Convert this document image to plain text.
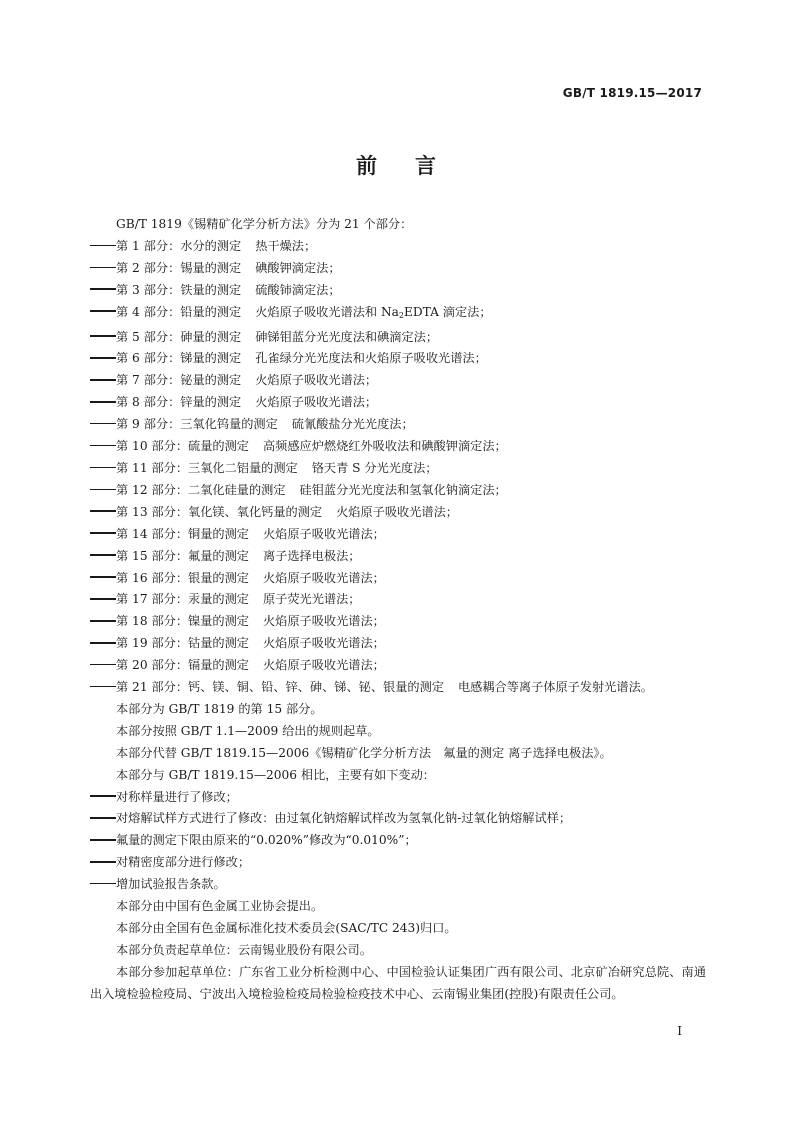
GB/T 1819.15—2017
前 言
GB/T 1819《锡精矿化学分析方法》分为 21 个部分：
第 1 部分：水分的测定 热干燥法；
第 2 部分：锡量的测定 碘酸钾滴定法；
第 3 部分：铁量的测定 硫酸铈滴定法；
第 4 部分：铅量的测定 火焰原子吸收光谱法和 $Na_2EDTA$ 滴定法；
第 5 部分：砷量的测定 砷锑钼蓝分光光度法和碘滴定法；
第 6 部分：锑量的测定 孔雀绿分光光度法和火焰原子吸收光谱法；
第 7 部分：铋量的测定 火焰原子吸收光谱法；
第 8 部分：锌量的测定 火焰原子吸收光谱法；
第 9 部分：三氧化钨量的测定 硫氰酸盐分光光度法；
第 10 部分：硫量的测定 高频感应炉燃烧红外吸收法和碘酸钾滴定法；
第 11 部分：三氧化二铝量的测定 铬天青 S 分光光度法；
第 12 部分：二氧化硅量的测定 硅钼蓝分光光度法和氢氧化钠滴定法；
第 13 部分：氧化镁、氧化钙量的测定 火焰原子吸收光谱法；
第 14 部分：铜量的测定 火焰原子吸收光谱法；
第 15 部分：氟量的测定 离子选择电极法；
第 16 部分：银量的测定 火焰原子吸收光谱法；
第 17 部分：汞量的测定 原子荧光光谱法；
第 18 部分：镍量的测定 火焰原子吸收光谱法；
第 19 部分：钴量的测定 火焰原子吸收光谱法；
第 20 部分：镉量的测定 火焰原子吸收光谱法；
第 21 部分：钙、镁、铜、铅、锌、砷、锑、铋、银量的测定 电感耦合等离子体原子发射光谱法。
本部分为 GB/T 1819 的第 15 部分。
本部分按照 GB/T 1.1—2009 给出的规则起草。
本部分代替 GB/T 1819.15—2006《锡精矿化学分析方法　氟量的测定 离子选择电极法》。
本部分与 GB/T 1819.15—2006 相比，主要有如下变动：
对称样量进行了修改；
对熔解试样方式进行了修改：由过氧化钠熔解试样改为氢氧化钠-过氧化钠熔解试样；
氟量的测定下限由原来的“0.020%”修改为“0.010%”；
对精密度部分进行修改；
增加试验报告条款。
本部分由中国有色金属工业协会提出。
本部分由全国有色金属标准化技术委员会(SAC/TC 243)归口。
本部分负责起草单位：云南锡业股份有限公司。
本部分参加起草单位：广东省工业分析检测中心、中国检验认证集团广西有限公司、北京矿冶研究总院、南通出入境检验检疫局、宁波出入境检验检疫局检验检疫技术中心、云南锡业集团(控股)有限责任公司。
I
